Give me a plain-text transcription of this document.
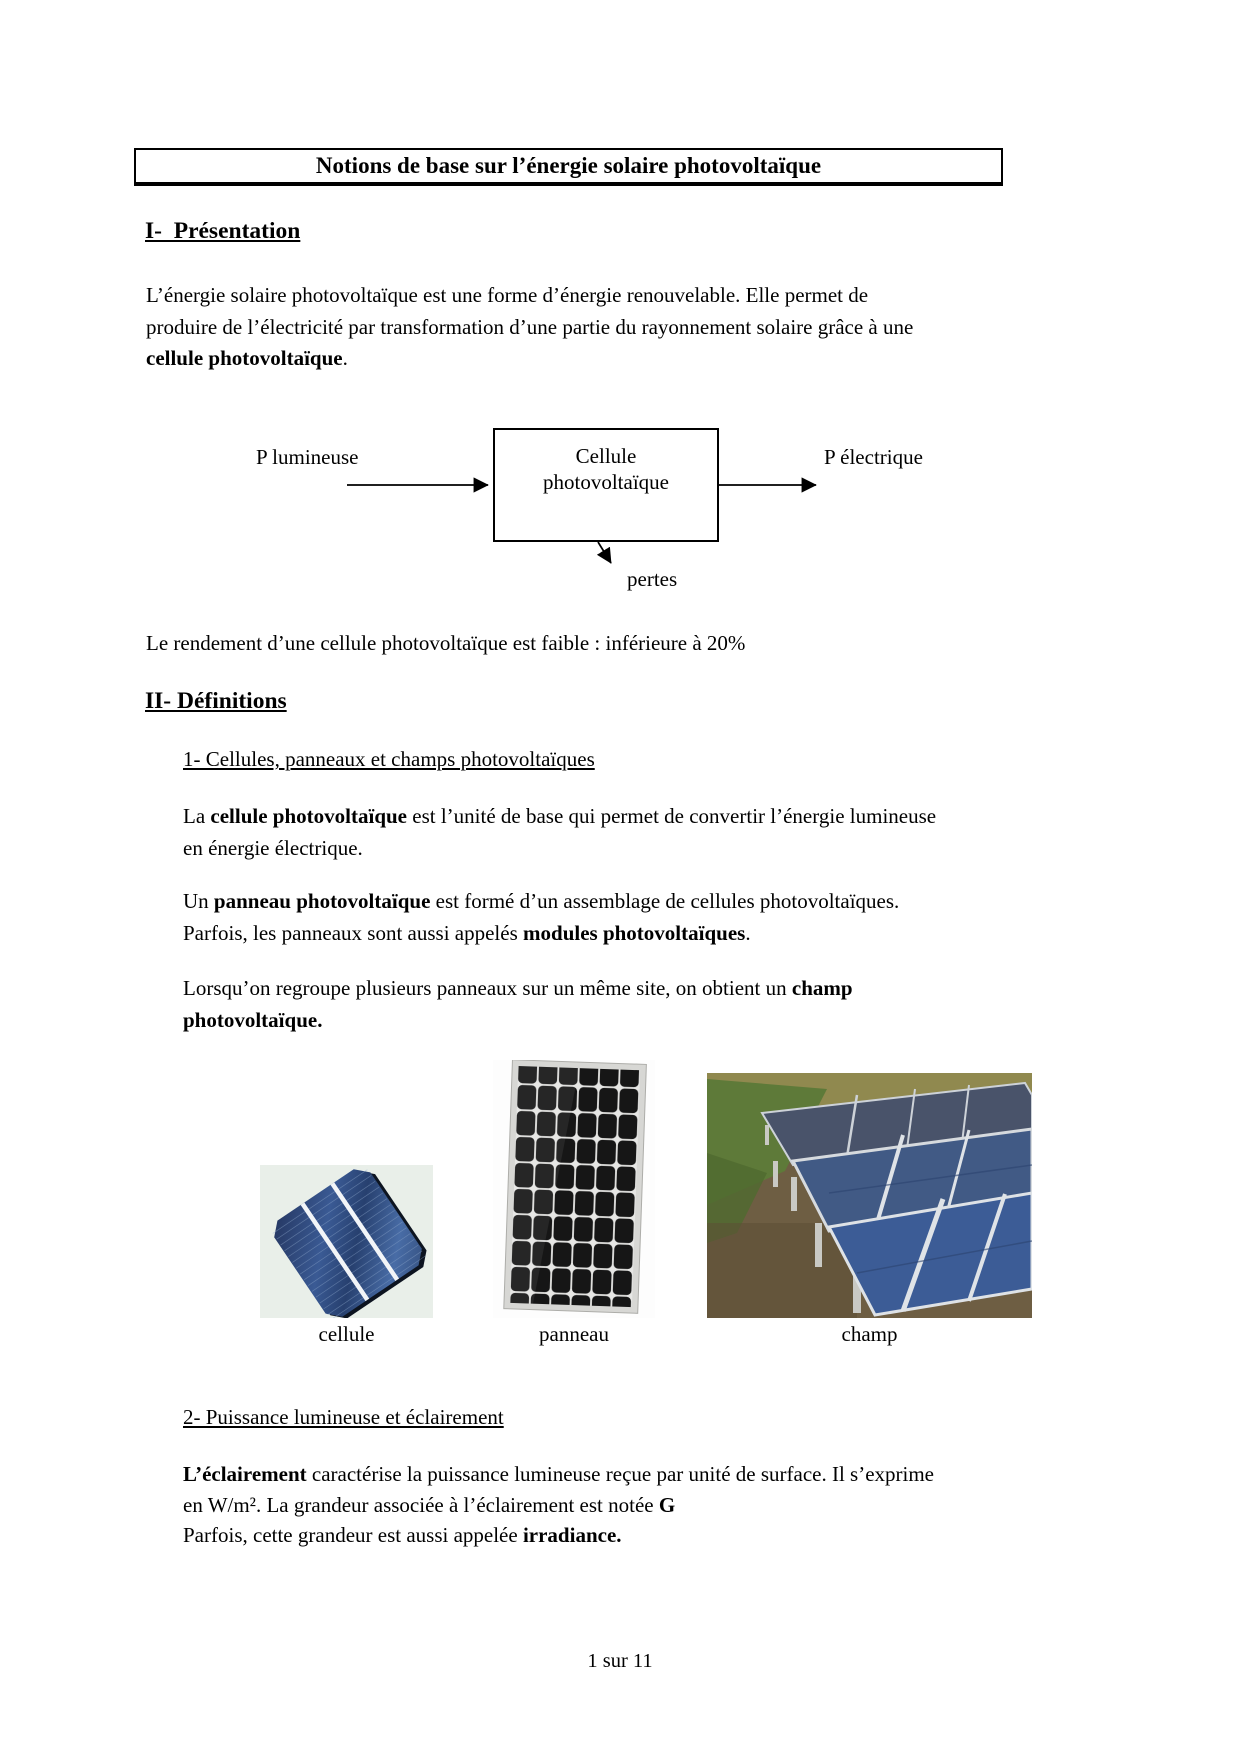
Notions de base sur l’énergie solaire photovoltaïque
I-  Présentation

L’énergie solaire photovoltaïque est une forme d’énergie renouvelable. Elle permet de
produire de l’électricité par transformation d’une partie du rayonnement solaire grâce à une
cellule photovoltaïque.

P lumineuse	Cellule
photovoltaïque
P électrique
pertes

Le rendement d’une cellule photovoltaïque est faible : inférieure à 20%

II- Définitions

1- Cellules, panneaux et champs photovoltaïques

La cellule photovoltaïque est l’unité de base qui permet de convertir l’énergie lumineuse
en énergie électrique.

Un panneau photovoltaïque est formé d’un assemblage de cellules photovoltaïques.
Parfois, les panneaux sont aussi appelés modules photovoltaïques.

Lorsqu’on regroupe plusieurs panneaux sur un même site, on obtient un champ
photovoltaïque.

cellule	panneau	champ

2- Puissance lumineuse et éclairement

L’éclairement caractérise la puissance lumineuse reçue par unité de surface. Il s’exprime
en W/m². La grandeur associée à l’éclairement est notée G
Parfois, cette grandeur est aussi appelée irradiance.

1 sur 11
